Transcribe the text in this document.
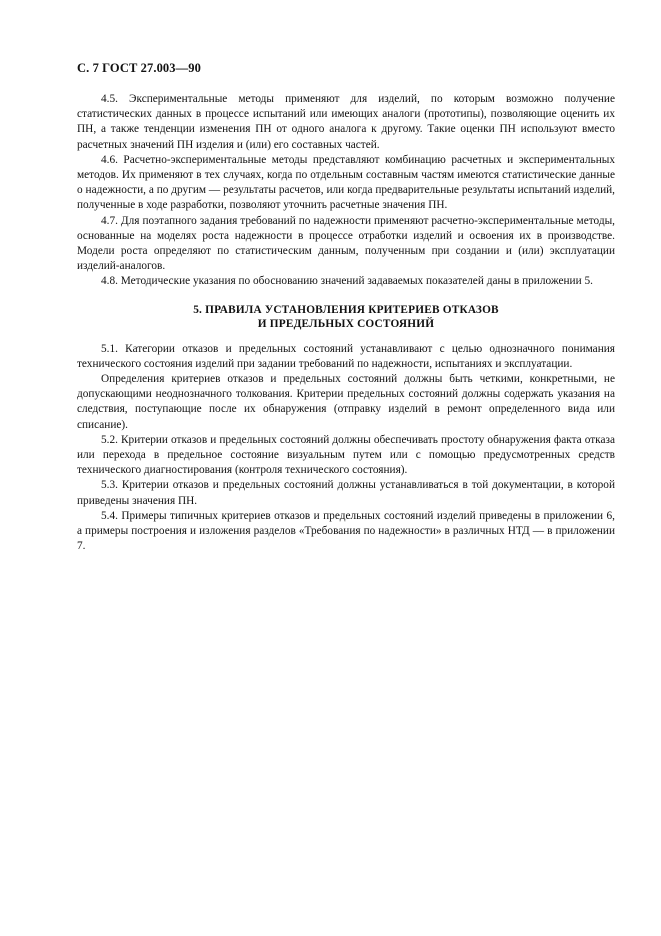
С. 7 ГОСТ 27.003—90

4.5. Экспериментальные методы применяют для изделий, по которым возможно получение статистических данных в процессе испытаний или имеющих аналоги (прототипы), позволяющие оценить их ПН, а также тенденции изменения ПН от одного аналога к другому. Такие оценки ПН используют вместо расчетных значений ПН изделия и (или) его составных частей.

4.6. Расчетно-экспериментальные методы представляют комбинацию расчетных и экспериментальных методов. Их применяют в тех случаях, когда по отдельным составным частям имеются статистические данные о надежности, а по другим — результаты расчетов, или когда предварительные результаты испытаний изделий, полученные в ходе разработки, позволяют уточнить расчетные значения ПН.

4.7. Для поэтапного задания требований по надежности применяют расчетно-экспериментальные методы, основанные на моделях роста надежности в процессе отработки изделий и освоения их в производстве. Модели роста определяют по статистическим данным, полученным при создании и (или) эксплуатации изделий-аналогов.

4.8. Методические указания по обоснованию значений задаваемых показателей даны в приложении 5.

5. ПРАВИЛА УСТАНОВЛЕНИЯ КРИТЕРИЕВ ОТКАЗОВ
И ПРЕДЕЛЬНЫХ СОСТОЯНИЙ

5.1. Категории отказов и предельных состояний устанавливают с целью однозначного понимания технического состояния изделий при задании требований по надежности, испытаниях и эксплуатации.

Определения критериев отказов и предельных состояний должны быть четкими, конкретными, не допускающими неоднозначного толкования. Критерии предельных состояний должны содержать указания на следствия, поступающие после их обнаружения (отправку изделий в ремонт определенного вида или списание).

5.2. Критерии отказов и предельных состояний должны обеспечивать простоту обнаружения факта отказа или перехода в предельное состояние визуальным путем или с помощью предусмотренных средств технического диагностирования (контроля технического состояния).

5.3. Критерии отказов и предельных состояний должны устанавливаться в той документации, в которой приведены значения ПН.

5.4. Примеры типичных критериев отказов и предельных состояний изделий приведены в приложении 6, а примеры построения и изложения разделов «Требования по надежности» в различных НТД — в приложении 7.
